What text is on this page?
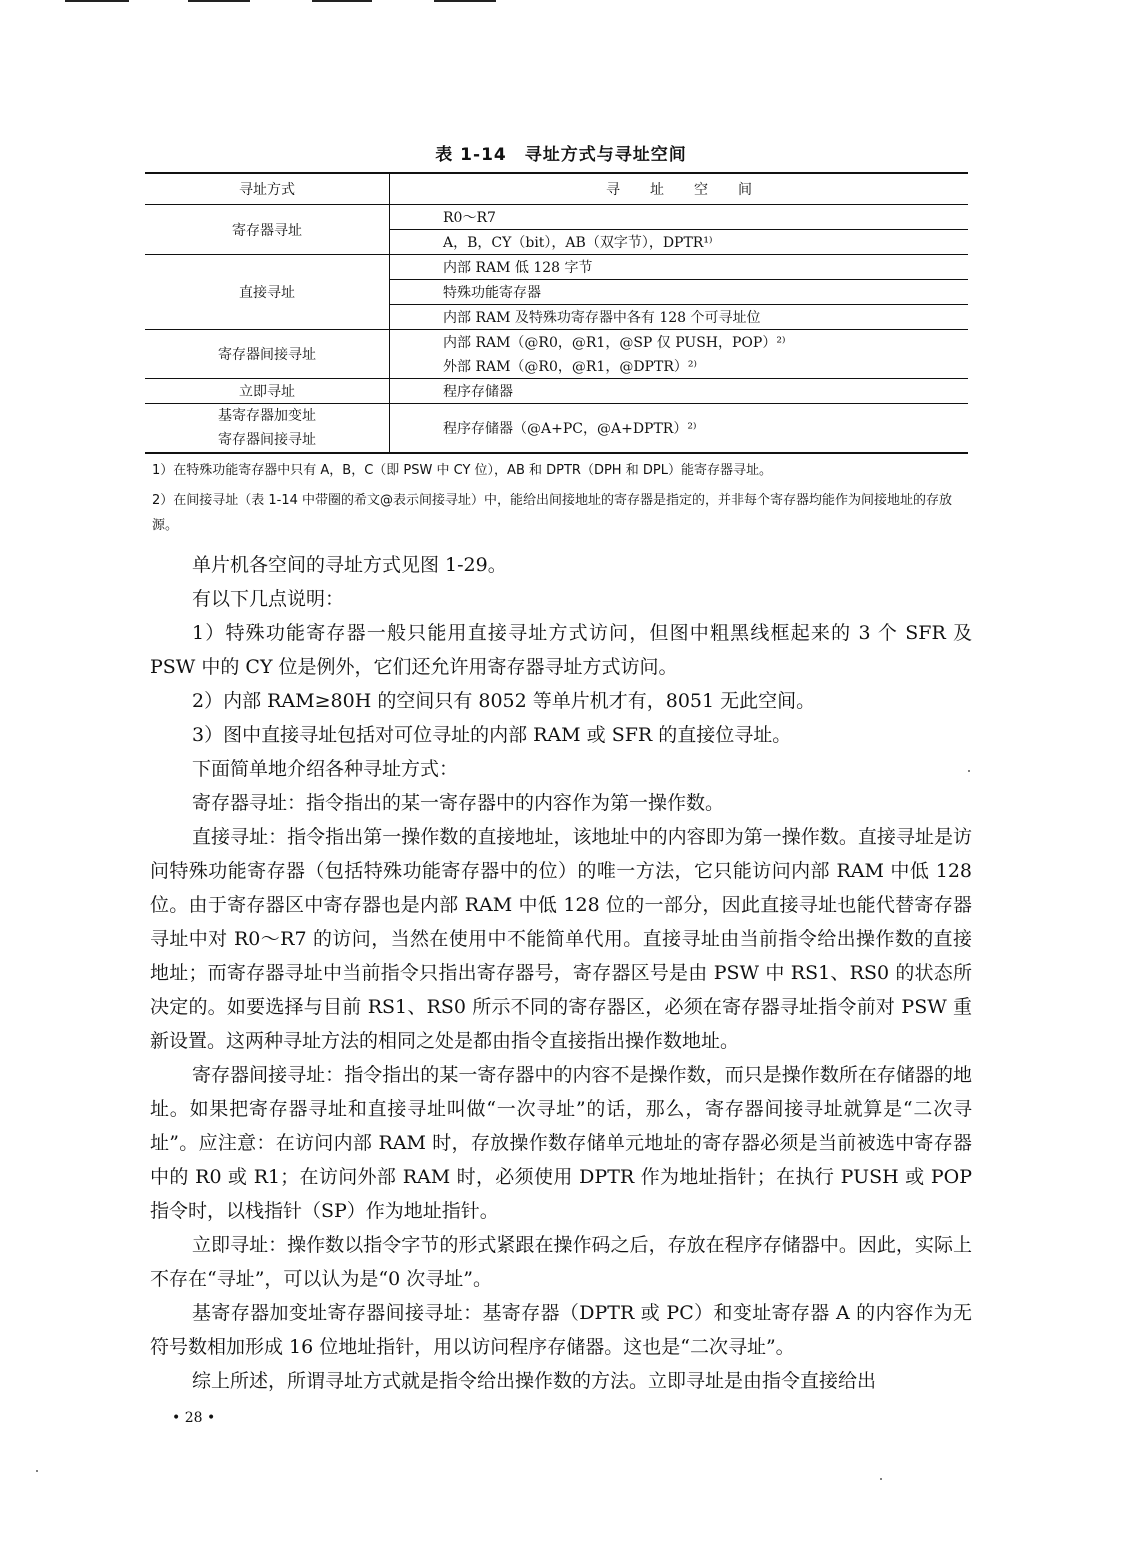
表 1-14　寻址方式与寻址空间
寻址方式	寻址空间
寄存器寻址	R0～R7
	A，B，CY（bit），AB（双字节），DPTR¹⁾
直接寻址	内部 RAM 低 128 字节
	特殊功能寄存器
	内部 RAM 及特殊功寄存器中各有 128 个可寻址位
寄存器间接寻址	内部 RAM（@R0，@R1，@SP 仅 PUSH，POP）²⁾
	外部 RAM（@R0，@R1，@DPTR）²⁾
立即寻址	程序存储器

基寄存器加变址
寄存器间接寻址	程序存储器（@A+PC，@A+DPTR）²⁾
1）在特殊功能寄存器中只有 A，B，C（即 PSW 中 CY 位），AB 和 DPTR（DPH 和 DPL）能寄存器寻址。
2）在间接寻址（表 1-14 中带圈的希文@表示间接寻址）中，能给出间接地址的寄存器是指定的，并非每个寄存器均能作为间接地址的存放源。

单片机各空间的寻址方式见图 1-29。

有以下几点说明：

1）特殊功能寄存器一般只能用直接寻址方式访问，但图中粗黑线框起来的 3 个 SFR 及 PSW 中的 CY 位是例外，它们还允许用寄存器寻址方式访问。

2）内部 RAM≥80H 的空间只有 8052 等单片机才有，8051 无此空间。

3）图中直接寻址包括对可位寻址的内部 RAM 或 SFR 的直接位寻址。

下面简单地介绍各种寻址方式：

寄存器寻址：指令指出的某一寄存器中的内容作为第一操作数。

直接寻址：指令指出第一操作数的直接地址，该地址中的内容即为第一操作数。直接寻址是访问特殊功能寄存器（包括特殊功能寄存器中的位）的唯一方法，它只能访问内部 RAM 中低 128 位。由于寄存器区中寄存器也是内部 RAM 中低 128 位的一部分，因此直接寻址也能代替寄存器寻址中对 R0～R7 的访问，当然在使用中不能简单代用。直接寻址由当前指令给出操作数的直接地址；而寄存器寻址中当前指令只指出寄存器号，寄存器区号是由 PSW 中 RS1、RS0 的状态所决定的。如要选择与目前 RS1、RS0 所示不同的寄存器区，必须在寄存器寻址指令前对 PSW 重新设置。这两种寻址方法的相同之处是都由指令直接指出操作数地址。

寄存器间接寻址：指令指出的某一寄存器中的内容不是操作数，而只是操作数所在存储器的地址。如果把寄存器寻址和直接寻址叫做“一次寻址”的话，那么，寄存器间接寻址就算是“二次寻址”。应注意：在访问内部 RAM 时，存放操作数存储单元地址的寄存器必须是当前被选中寄存器中的 R0 或 R1；在访问外部 RAM 时，必须使用 DPTR 作为地址指针；在执行 PUSH 或 POP 指令时，以栈指针（SP）作为地址指针。

立即寻址：操作数以指令字节的形式紧跟在操作码之后，存放在程序存储器中。因此，实际上不存在“寻址”，可以认为是“0 次寻址”。

基寄存器加变址寄存器间接寻址：基寄存器（DPTR 或 PC）和变址寄存器 A 的内容作为无符号数相加形成 16 位地址指针，用以访问程序存储器。这也是“二次寻址”。

综上所述，所谓寻址方式就是指令给出操作数的方法。立即寻址是由指令直接给出

• 28 •
